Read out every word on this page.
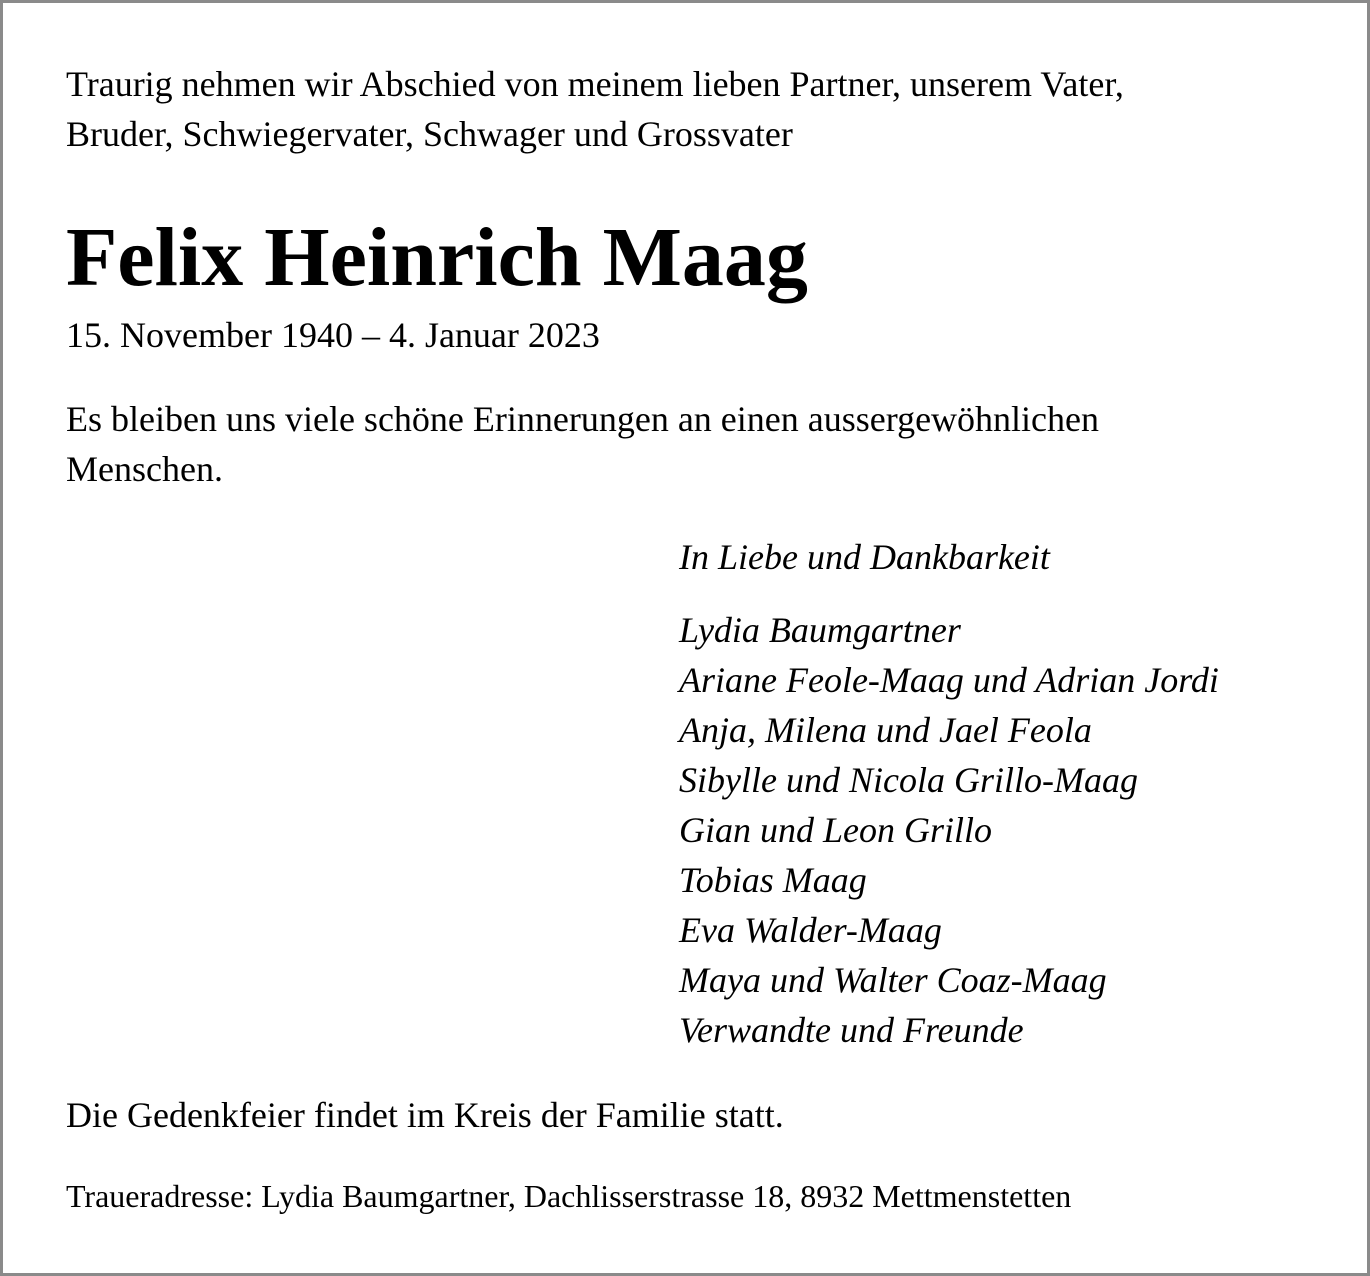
Traurig nehmen wir Abschied von meinem lieben Partner, unserem Vater,
Bruder, Schwiegervater, Schwager und Grossvater

Felix Heinrich Maag

15. November 1940 – 4. Januar 2023

Es bleiben uns viele schöne Erinnerungen an einen aussergewöhnlichen
Menschen.

In Liebe und Dankbarkeit

Lydia Baumgartner
Ariane Feole-Maag und Adrian Jordi
Anja, Milena und Jael Feola
Sibylle und Nicola Grillo-Maag
Gian und Leon Grillo
Tobias Maag
Eva Walder-Maag
Maya und Walter Coaz-Maag
Verwandte und Freunde

Die Gedenkfeier findet im Kreis der Familie statt.

Traueradresse: Lydia Baumgartner, Dachlisserstrasse 18, 8932 Mettmenstetten
